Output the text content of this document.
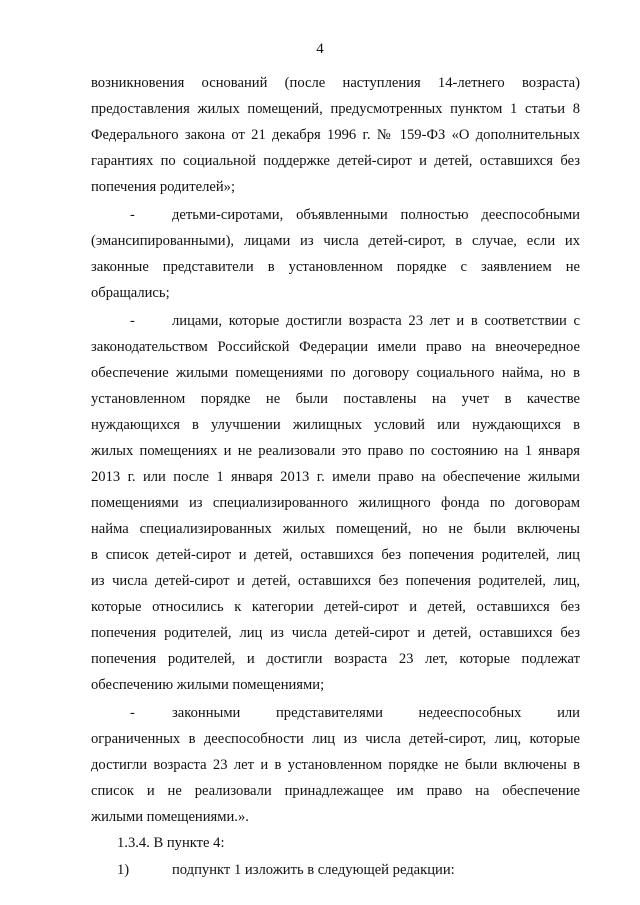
4
возникновения оснований (после наступления 14-летнего возраста)
предоставления жилых помещений, предусмотренных пунктом 1 статьи 8
Федерального закона от 21 декабря 1996 г. № 159-ФЗ «О дополнительных
гарантиях по социальной поддержке детей-сирот и детей, оставшихся без
попечения родителей»;
-	детьми-сиротами, объявленными полностью дееспособными
(эмансипированными), лицами из числа детей-сирот, в случае, если их
законные представители в установленном порядке с заявлением не
обращались;
-	лицами, которые достигли возраста 23 лет и в соответствии с
законодательством Российской Федерации имели право на внеочередное
обеспечение жилыми помещениями по договору социального найма, но в
установленном порядке не были поставлены на учет в качестве
нуждающихся в улучшении жилищных условий или нуждающихся в
жилых помещениях и не реализовали это право по состоянию на 1 января
2013 г. или после 1 января 2013 г. имели право на обеспечение жилыми
помещениями из специализированного жилищного фонда по договорам
найма специализированных жилых помещений, но не были включены
в список детей-сирот и детей, оставшихся без попечения родителей, лиц
из числа детей-сирот и детей, оставшихся без попечения родителей, лиц,
которые относились к категории детей-сирот и детей, оставшихся без
попечения родителей, лиц из числа детей-сирот и детей, оставшихся без
попечения родителей, и достигли возраста 23 лет, которые подлежат
обеспечению жилыми помещениями;
-	законными представителями недееспособных или
ограниченных в дееспособности лиц из числа детей-сирот, лиц, которые
достигли возраста 23 лет и в установленном порядке не были включены в
список и не реализовали принадлежащее им право на обеспечение
жилыми помещениями.».
1.3.4. В пункте 4:
1)	подпункт 1 изложить в следующей редакции:
